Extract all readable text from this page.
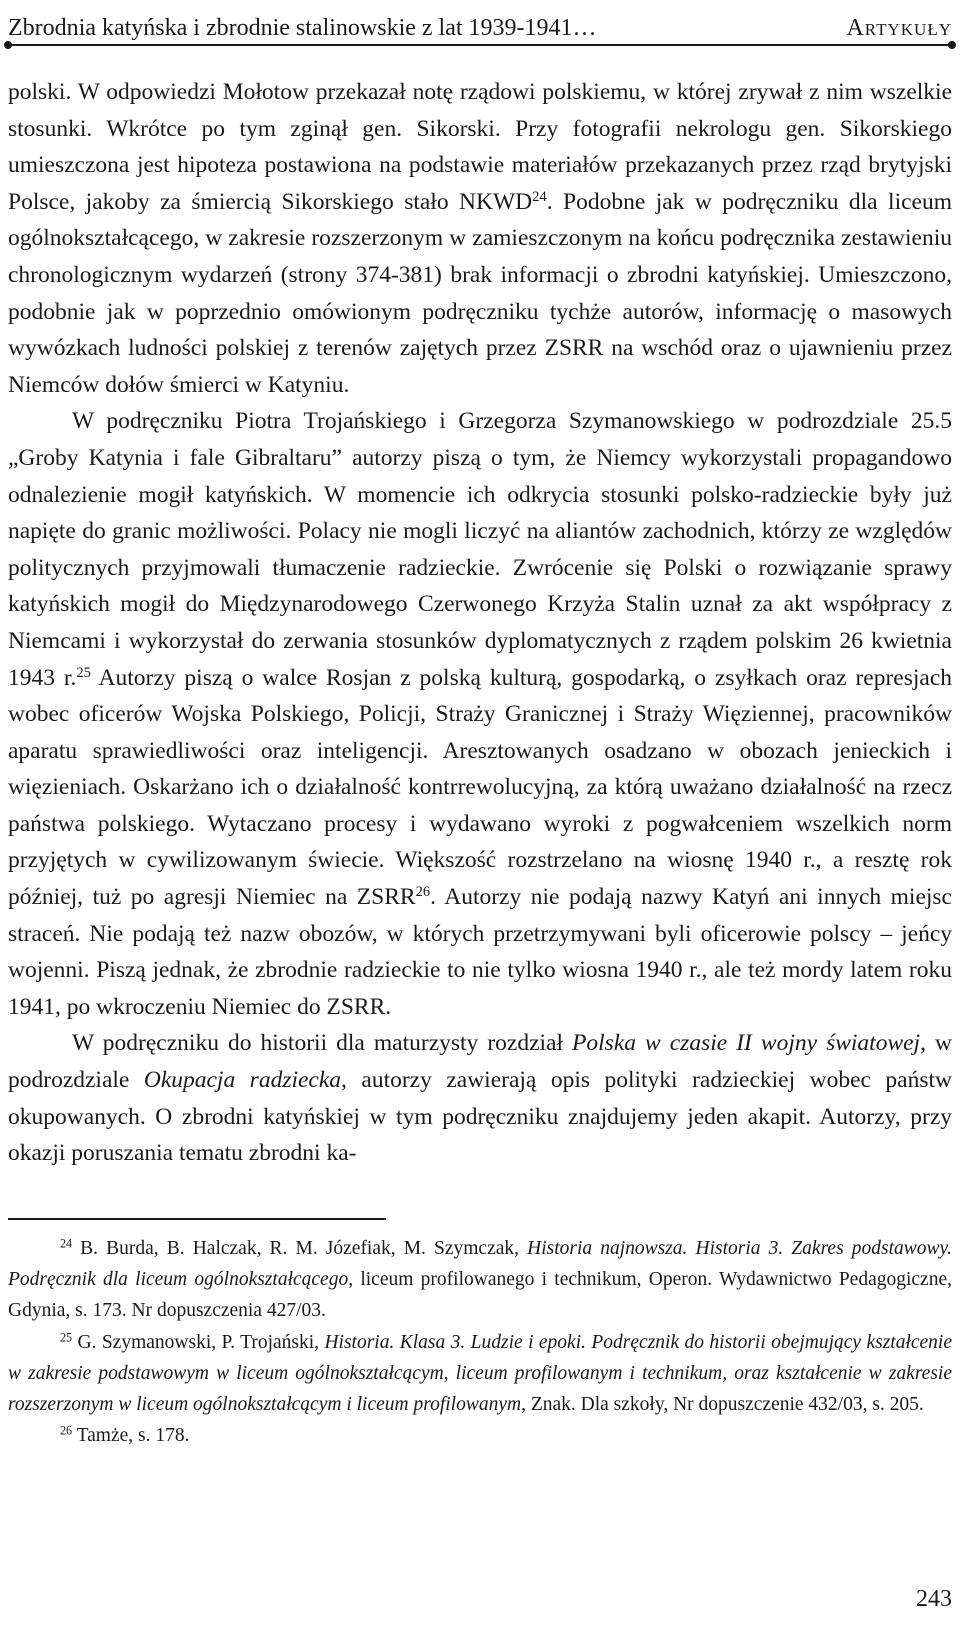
Zbrodnia katyńska i zbrodnie stalinowskie z lat 1939-1941…	Artykuły

polski. W odpowiedzi Mołotow przekazał notę rządowi polskiemu, w której zrywał z nim wszelkie stosunki. Wkrótce po tym zginął gen. Sikorski. Przy fotografii nekrologu gen. Sikorskiego umieszczona jest hipoteza postawiona na podstawie materiałów przekazanych przez rząd brytyjski Polsce, jakoby za śmiercią Sikorskiego stało NKWD$^{24}$. Podobne jak w podręczniku dla liceum ogólnokształcącego, w zakresie rozszerzonym w zamieszczonym na końcu podręcznika zestawieniu chronologicznym wydarzeń (strony 374-381) brak informacji o zbrodni katyńskiej. Umieszczono, podobnie jak w poprzednio omówionym podręczniku tychże autorów, informację o masowych wywózkach ludności polskiej z terenów zajętych przez ZSRR na wschód oraz o ujawnieniu przez Niemców dołów śmierci w Katyniu.

W podręczniku Piotra Trojańskiego i Grzegorza Szymanowskiego w podrozdziale 25.5 „Groby Katynia i fale Gibraltaru” autorzy piszą o tym, że Niemcy wykorzystali propagandowo odnalezienie mogił katyńskich. W momencie ich odkrycia stosunki polsko-radzieckie były już napięte do granic możliwości. Polacy nie mogli liczyć na aliantów zachodnich, którzy ze względów politycznych przyjmowali tłumaczenie radzieckie. Zwrócenie się Polski o rozwiązanie sprawy katyńskich mogił do Międzynarodowego Czerwonego Krzyża Stalin uznał za akt współpracy z Niemcami i wykorzystał do zerwania stosunków dyplomatycznych z rządem polskim 26 kwietnia 1943 r.$^{25}$ Autorzy piszą o walce Rosjan z polską kulturą, gospodarką, o zsyłkach oraz represjach wobec oficerów Wojska Polskiego, Policji, Straży Granicznej i Straży Więziennej, pracowników aparatu sprawiedliwości oraz inteligencji. Aresztowanych osadzano w obozach jenieckich i więzieniach. Oskarżano ich o działalność kontrrewolucyjną, za którą uważano działalność na rzecz państwa polskiego. Wytaczano procesy i wydawano wyroki z pogwałceniem wszelkich norm przyjętych w cywilizowanym świecie. Większość rozstrzelano na wiosnę 1940 r., a resztę rok później, tuż po agresji Niemiec na ZSRR$^{26}$. Autorzy nie podają nazwy Katyń ani innych miejsc straceń. Nie podają też nazw obozów, w których przetrzymywani byli oficerowie polscy – jeńcy wojenni. Piszą jednak, że zbrodnie radzieckie to nie tylko wiosna 1940 r., ale też mordy latem roku 1941, po wkroczeniu Niemiec do ZSRR.

W podręczniku do historii dla maturzysty rozdział Polska w czasie II wojny światowej, w podrozdziale Okupacja radziecka, autorzy zawierają opis polityki radzieckiej wobec państw okupowanych. O zbrodni katyńskiej w tym podręczniku znajdujemy jeden akapit. Autorzy, przy okazji poruszania tematu zbrodni ka-

$^{24}$ B. Burda, B. Halczak, R. M. Józefiak, M. Szymczak, Historia najnowsza. Historia 3. Zakres podstawowy. Podręcznik dla liceum ogólnokształcącego, liceum profilowanego i technikum, Operon. Wydawnictwo Pedagogiczne, Gdynia, s. 173. Nr dopuszczenia 427/03.

$^{25}$ G. Szymanowski, P. Trojański, Historia. Klasa 3. Ludzie i epoki. Podręcznik do historii obejmujący kształcenie w zakresie podstawowym w liceum ogólnokształcącym, liceum profilowanym i technikum, oraz kształcenie w zakresie rozszerzonym w liceum ogólnokształcącym i liceum profilowanym, Znak. Dla szkoły, Nr dopuszczenie 432/03, s. 205.

$^{26}$ Tamże, s. 178.

243
